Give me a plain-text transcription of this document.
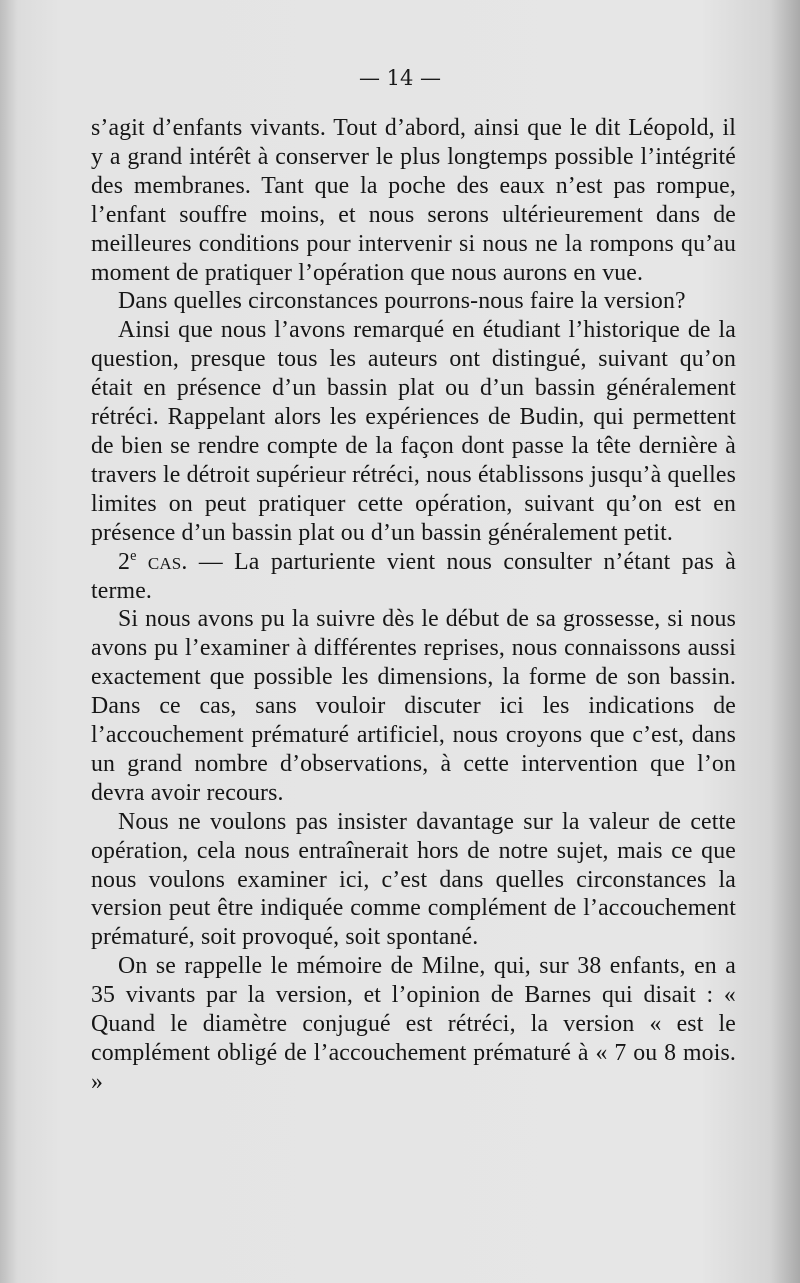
— 14 —

s’agit d’enfants vivants. Tout d’abord, ainsi que le dit Léopold, il y a grand intérêt à conserver le plus longtemps possible l’intégrité des membranes. Tant que la poche des eaux n’est pas rompue, l’enfant souffre moins, et nous serons ultérieurement dans de meilleures conditions pour intervenir si nous ne la rompons qu’au moment de pratiquer l’opération que nous aurons en vue.

Dans quelles circonstances pourrons-nous faire la version?

Ainsi que nous l’avons remarqué en étudiant l’historique de la question, presque tous les auteurs ont distingué, suivant qu’on était en présence d’un bassin plat ou d’un bassin généralement rétréci. Rappelant alors les expériences de Budin, qui permettent de bien se rendre compte de la façon dont passe la tête dernière à travers le détroit supérieur rétréci, nous établissons jusqu’à quelles limites on peut pratiquer cette opération, suivant qu’on est en présence d’un bassin plat ou d’un bassin généralement petit.

2e cas. — La parturiente vient nous consulter n’étant pas à terme.

Si nous avons pu la suivre dès le début de sa grossesse, si nous avons pu l’examiner à différentes reprises, nous connaissons aussi exactement que possible les dimensions, la forme de son bassin. Dans ce cas, sans vouloir discuter ici les indications de l’accouchement prématuré artificiel, nous croyons que c’est, dans un grand nombre d’observations, à cette intervention que l’on devra avoir recours.

Nous ne voulons pas insister davantage sur la valeur de cette opération, cela nous entraînerait hors de notre sujet, mais ce que nous voulons examiner ici, c’est dans quelles circonstances la version peut être indiquée comme complément de l’accouchement prématuré, soit provoqué, soit spontané.

On se rappelle le mémoire de Milne, qui, sur 38 enfants, en a 35 vivants par la version, et l’opinion de Barnes qui disait : « Quand le diamètre conjugué est rétréci, la version « est le complément obligé de l’accouchement prématuré à « 7 ou 8 mois. »
